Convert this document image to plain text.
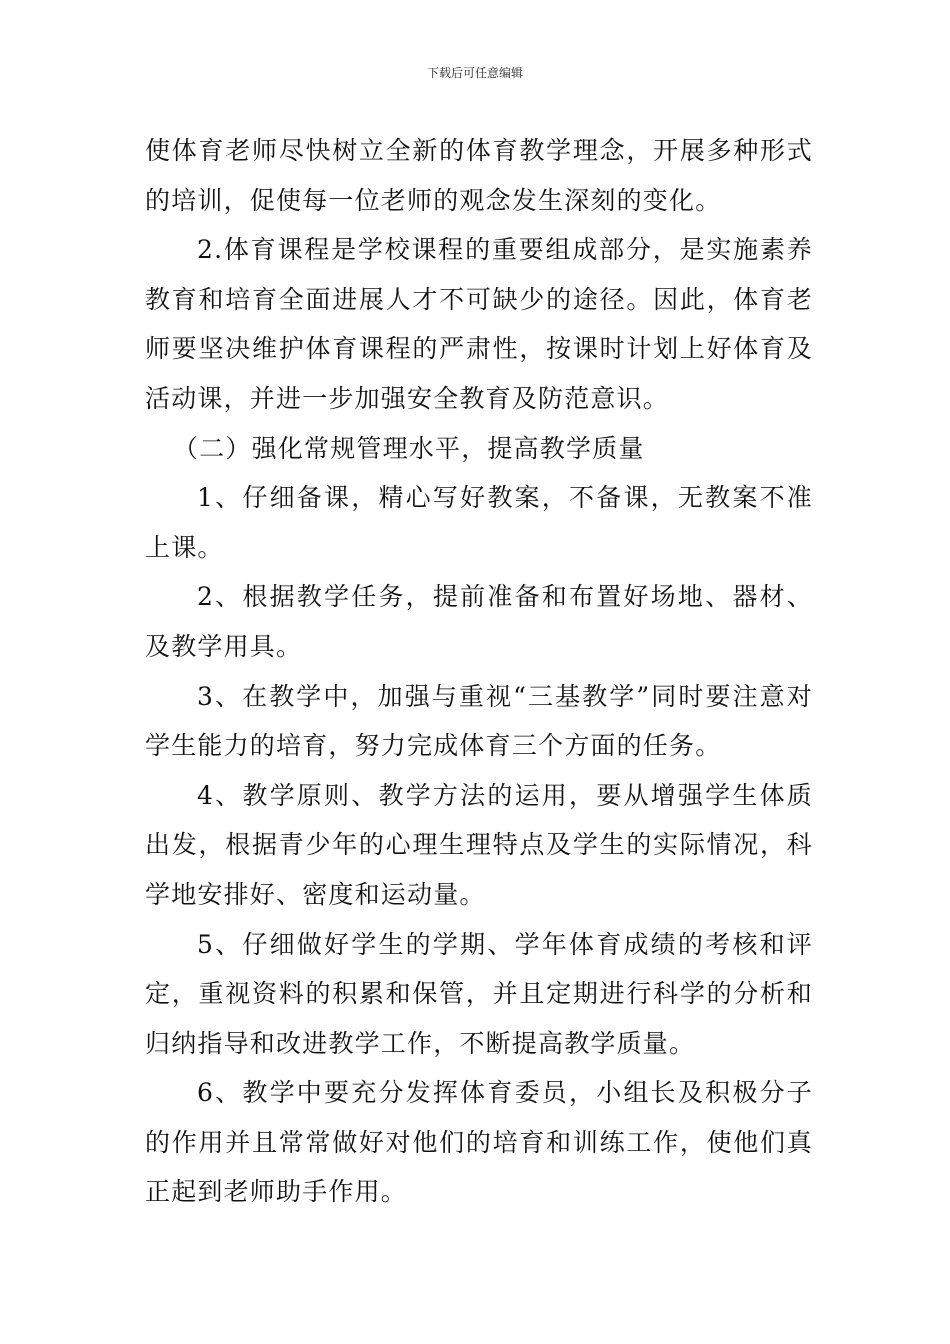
下载后可任意编辑

使体育老师尽快树立全新的体育教学理念，开展多种形式的培训，促使每一位老师的观念发生深刻的变化。

2.体育课程是学校课程的重要组成部分，是实施素养教育和培育全面进展人才不可缺少的途径。因此，体育老师要坚决维护体育课程的严肃性，按课时计划上好体育及活动课，并进一步加强安全教育及防范意识。

（二）强化常规管理水平，提高教学质量

1、仔细备课，精心写好教案，不备课，无教案不准上课。

2、根据教学任务，提前准备和布置好场地、器材、及教学用具。

3、在教学中，加强与重视“三基教学”同时要注意对学生能力的培育，努力完成体育三个方面的任务。

4、教学原则、教学方法的运用，要从增强学生体质出发，根据青少年的心理生理特点及学生的实际情况，科学地安排好、密度和运动量。

5、仔细做好学生的学期、学年体育成绩的考核和评定，重视资料的积累和保管，并且定期进行科学的分析和归纳指导和改进教学工作，不断提高教学质量。

6、教学中要充分发挥体育委员，小组长及积极分子的作用并且常常做好对他们的培育和训练工作，使他们真正起到老师助手作用。
